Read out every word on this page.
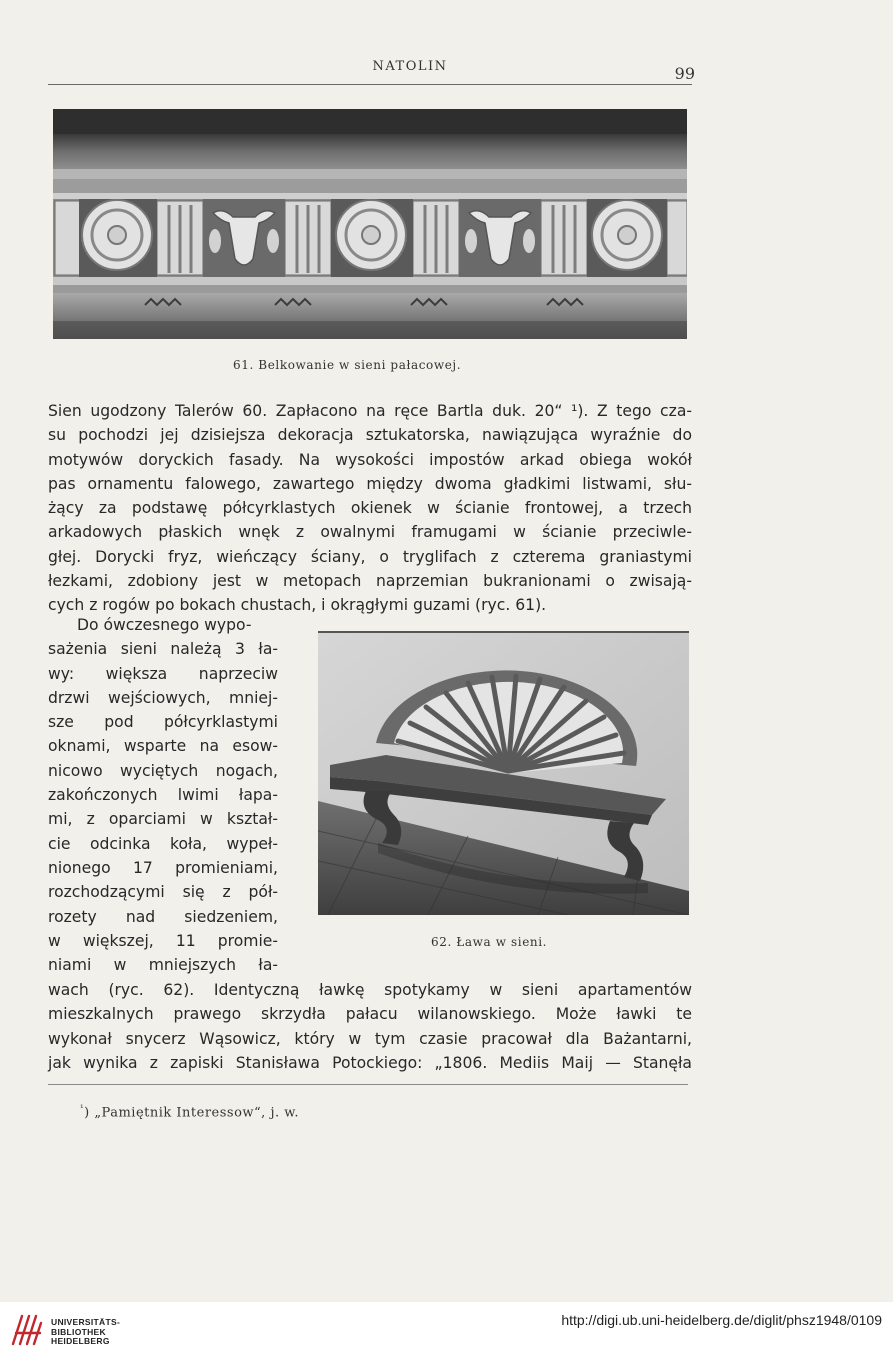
NATOLIN	99
61. Belkowanie w sieni pałacowej.

Sien ugodzony Talerów 60. Zapłacono na ręce Bartla duk. 20“ ¹). Z tego cza-
su pochodzi jej dzisiejsza dekoracja sztukatorska, nawiązująca wyraźnie do
motywów doryckich fasady. Na wysokości impostów arkad obiega wokół
pas ornamentu falowego, zawartego między dwoma gładkimi listwami, słu-
żący za podstawę półcyrklastych okienek w ścianie frontowej, a trzech
arkadowych płaskich wnęk z owalnymi framugami w ścianie przeciwle-
głej. Dorycki fryz, wieńczący ściany, o tryglifach z czterema graniastymi
łezkami, zdobiony jest w metopach naprzemian bukranionami o zwisają-
cych z rogów po bokach chustach, i okrągłymi guzami (ryc. 61).

Do ówczesnego wypo-
sażenia sieni należą 3 ła-
wy: większa naprzeciw
drzwi wejściowych, mniej-
sze pod półcyrklastymi
oknami, wsparte na esow-
nicowo wyciętych nogach,
zakończonych lwimi łapa-
mi, z oparciami w kształ-
cie odcinka koła, wypeł-
nionego 17 promieniami,
rozchodzącymi się z pół-
rozety nad siedzeniem,
w większej, 11 promie-
niami w mniejszych ła-

62. Ława w sieni.

wach (ryc. 62). Identyczną ławkę spotykamy w sieni apartamentów
mieszkalnych prawego skrzydła pałacu wilanowskiego. Może ławki te
wykonał snycerz Wąsowicz, który w tym czasie pracował dla Bażantarni,
jak wynika z zapiski Stanisława Potockiego: „1806. Mediis Maij — Stanęła

$^{^1}$) „Pamiętnik Interessow“, j. w.
UNIVERSITÄTS-
BIBLIOTHEK
HEIDELBERG
http://digi.ub.uni-heidelberg.de/diglit/phsz1948/0109
